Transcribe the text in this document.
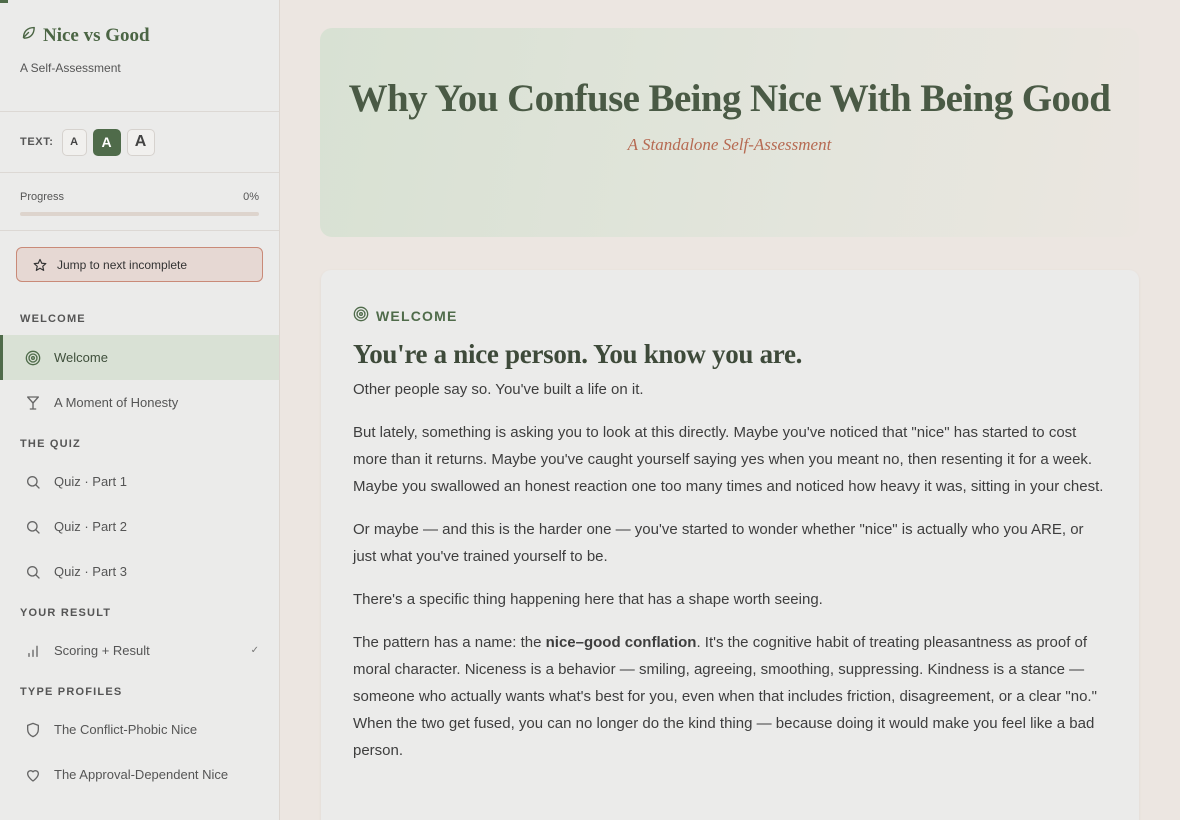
Nice vs Good
A Self-Assessment
TEXT:	A	A	A
Progress	0%
Jump to next incomplete
WELCOME
Welcome
A Moment of Honesty
THE QUIZ
Quiz · Part 1
Quiz · Part 2
Quiz · Part 3
YOUR RESULT
Scoring + Result	✓
TYPE PROFILES
The Conflict-Phobic Nice
The Approval-Dependent Nice
Why You Confuse Being Nice With Being Good
A Standalone Self-Assessment
WELCOME
You're a nice person. You know you are.

Other people say so. You've built a life on it.

But lately, something is asking you to look at this directly. Maybe you've noticed that "nice" has started to cost more than it returns. Maybe you've caught yourself saying yes when you meant no, then resenting it for a week. Maybe you swallowed an honest reaction one too many times and noticed how heavy it was, sitting in your chest.

Or maybe — and this is the harder one — you've started to wonder whether "nice" is actually who you ARE, or just what you've trained yourself to be.

There's a specific thing happening here that has a shape worth seeing.

The pattern has a name: the nice–good conflation. It's the cognitive habit of treating pleasantness as proof of moral character. Niceness is a behavior — smiling, agreeing, smoothing, suppressing. Kindness is a stance — someone who actually wants what's best for you, even when that includes friction, disagreement, or a clear "no." When the two get fused, you can no longer do the kind thing — because doing it would make you feel like a bad person.
